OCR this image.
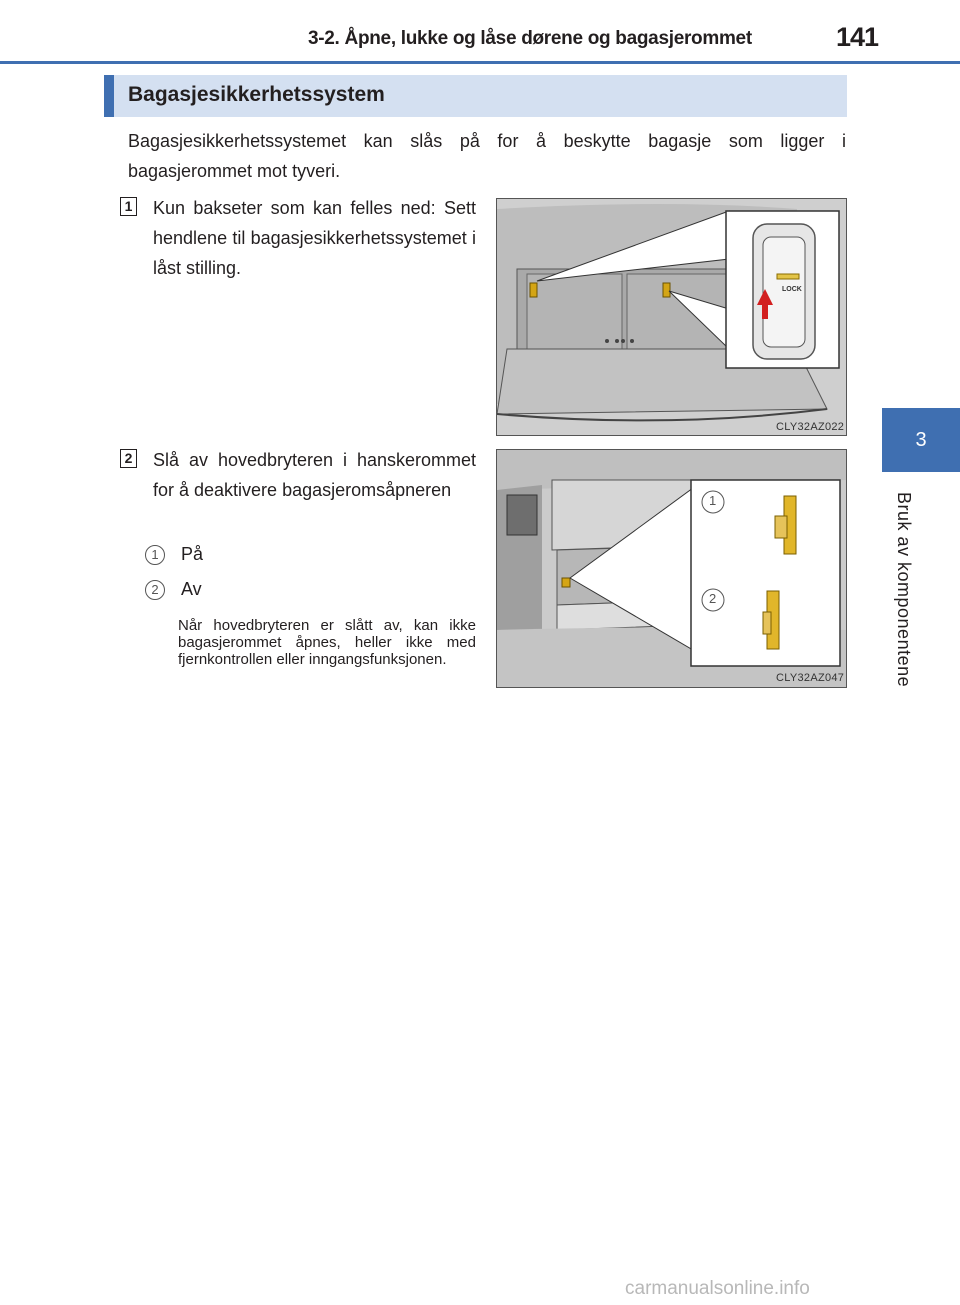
3-2. Åpne, lukke og låse dørene og bagasjerommet	141
3
Bruk av komponentene
Bagasjesikkerhetssystem
Bagasjesikkerhetssystemet kan slås på for å beskytte bagasje som ligger i bagasjerommet mot tyveri.
1 Kun bakseter som kan felles ned: Sett hendlene til bagasjesikkerhetssystemet i låst stilling.
CLY32AZ022
LOCK
2 Slå av hovedbryteren i hanskerommet for å deaktivere bagasjeromsåpneren
1	På
2	Av
Når hovedbryteren er slått av, kan ikke bagasjerommet åpnes, heller ikke med fjernkontrollen eller inngangsfunksjonen.
1
2
CLY32AZ047
carmanualsonline.info
